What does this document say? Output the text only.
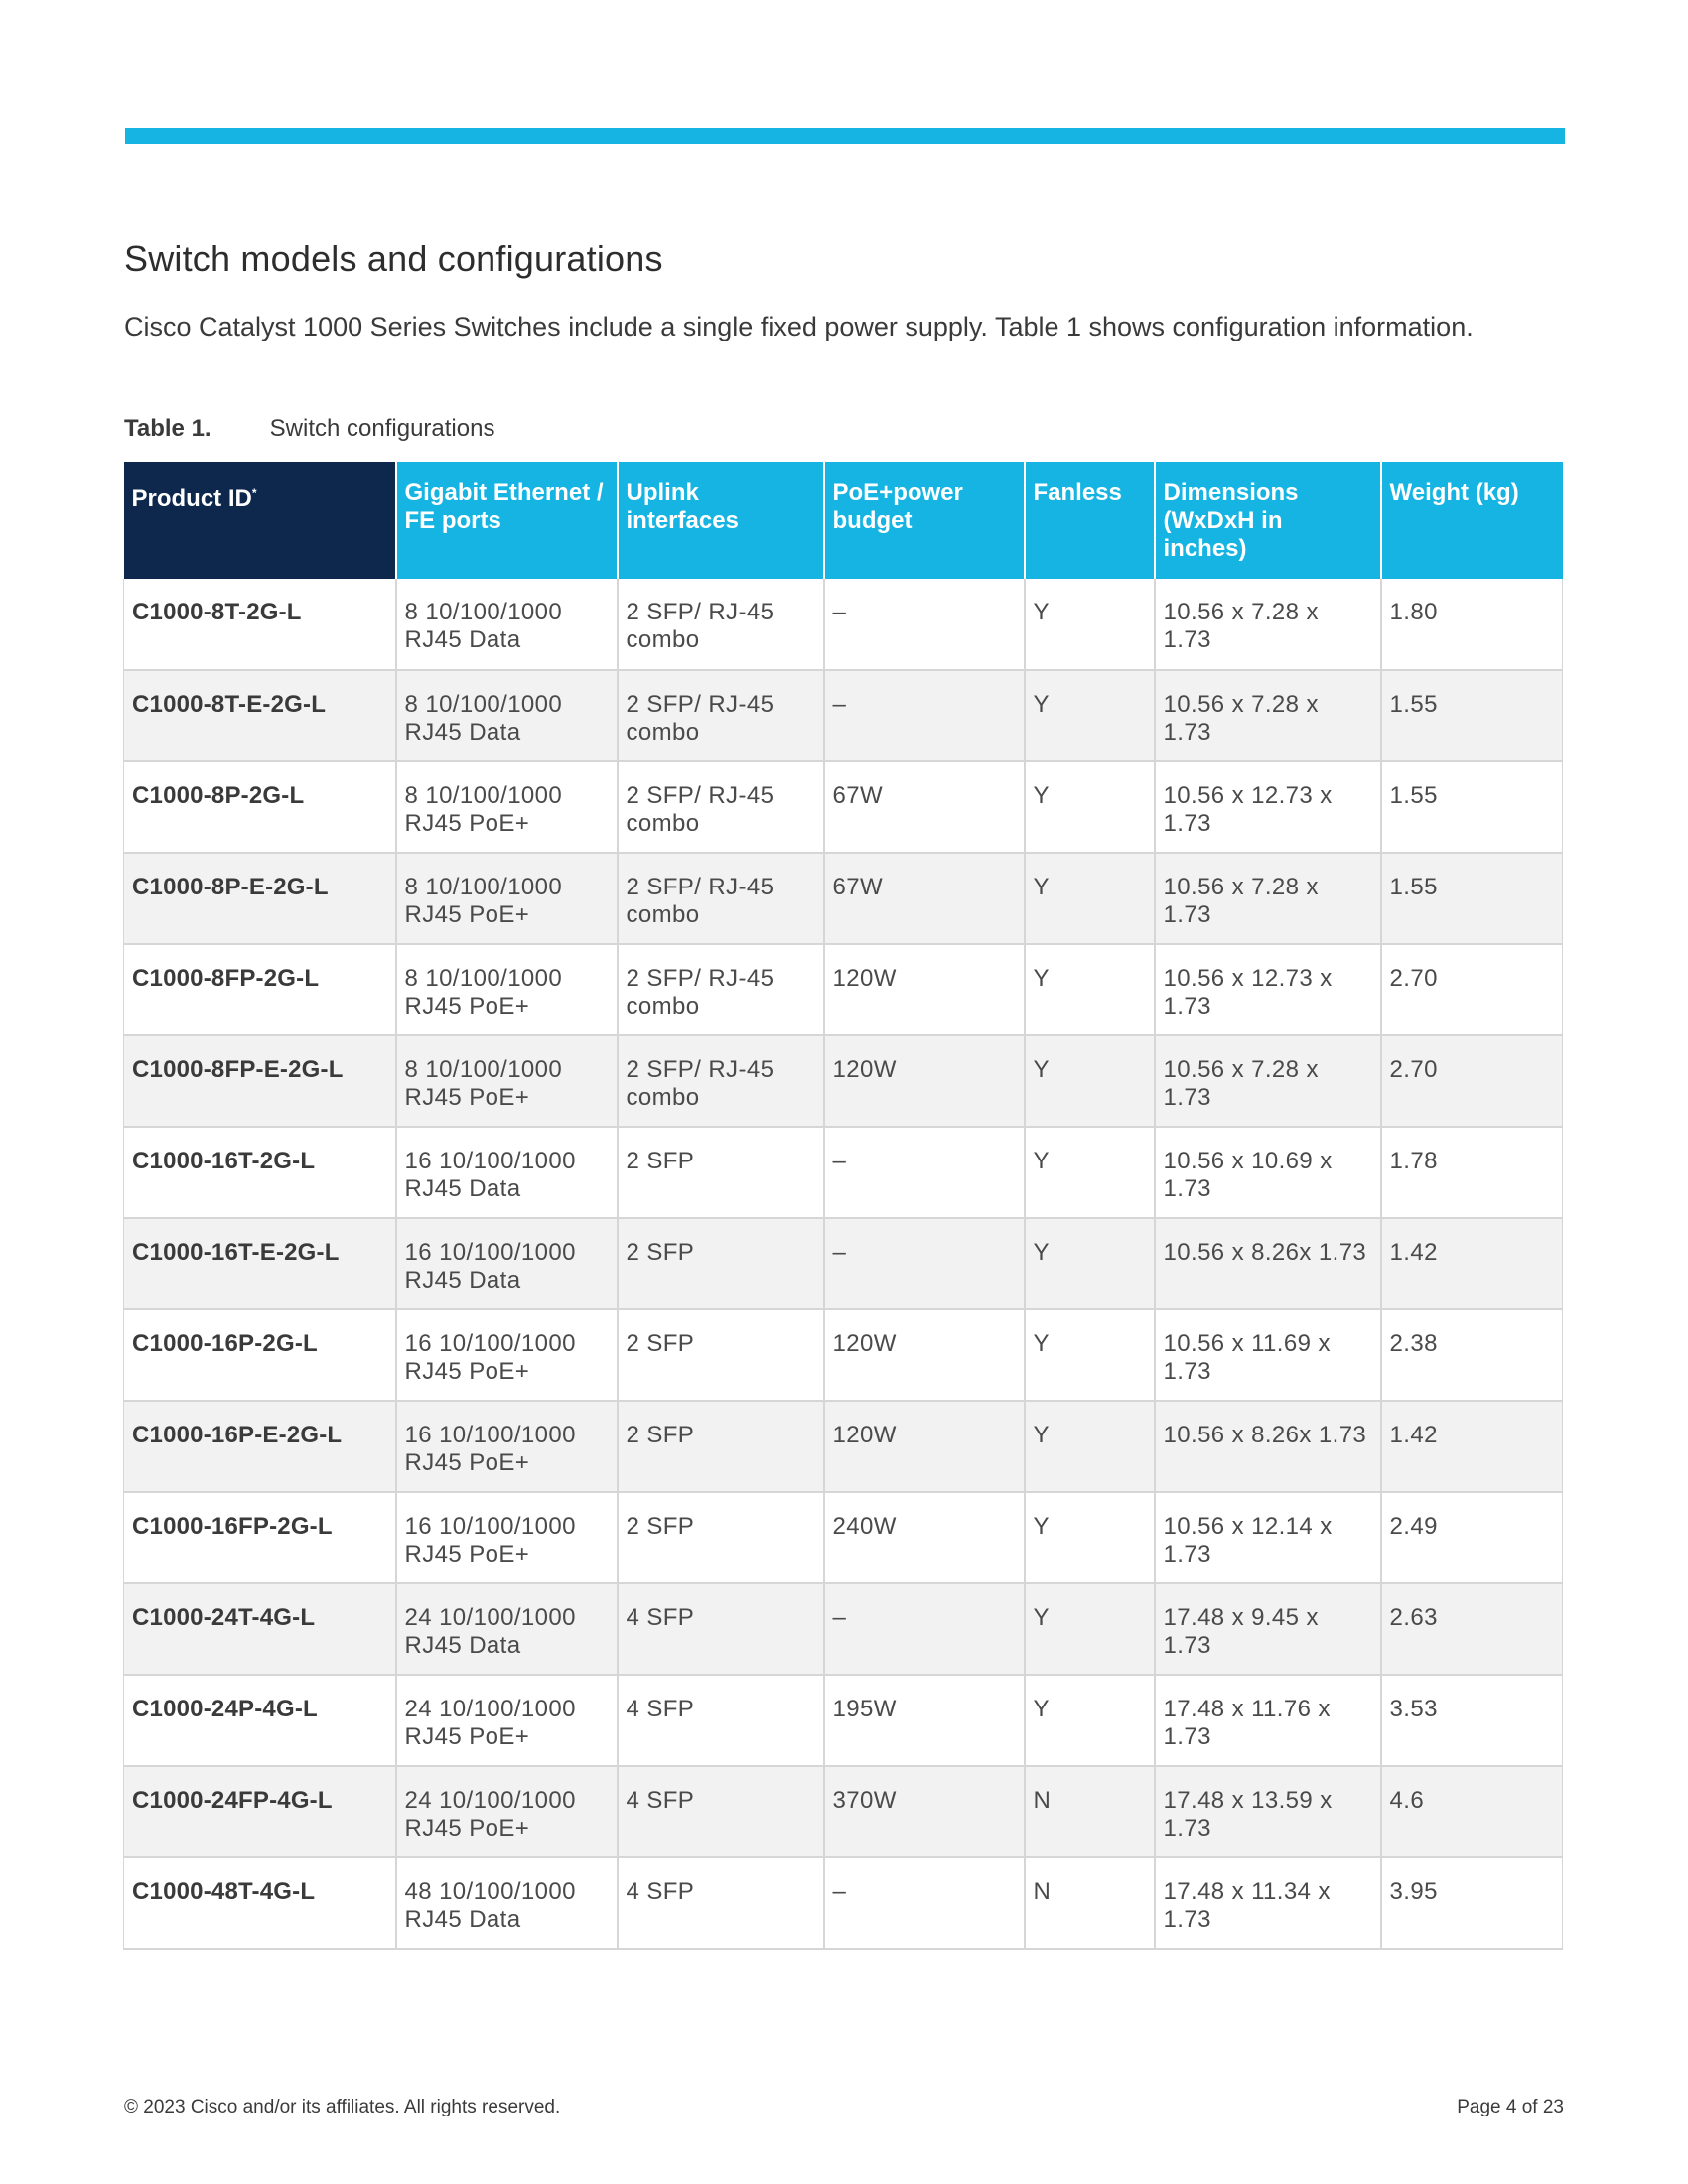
Switch models and configurations

Cisco Catalyst 1000 Series Switches include a single fixed power supply. Table 1 shows configuration information.

Table 1. Switch configurations
Product ID*	Gigabit Ethernet / FE ports	Uplink interfaces	PoE+power budget	Fanless	Dimensions (WxDxH in inches)	Weight (kg)
C1000-8T-2G-L	8 10/100/1000 RJ45 Data	2 SFP/ RJ-45 combo	–	Y	10.56 x 7.28 x 1.73	1.80
C1000-8T-E-2G-L	8 10/100/1000 RJ45 Data	2 SFP/ RJ-45 combo	–	Y	10.56 x 7.28 x 1.73	1.55
C1000-8P-2G-L	8 10/100/1000 RJ45 PoE+	2 SFP/ RJ-45 combo	67W	Y	10.56 x 12.73 x 1.73	1.55
C1000-8P-E-2G-L	8 10/100/1000 RJ45 PoE+	2 SFP/ RJ-45 combo	67W	Y	10.56 x 7.28 x 1.73	1.55
C1000-8FP-2G-L	8 10/100/1000 RJ45 PoE+	2 SFP/ RJ-45 combo	120W	Y	10.56 x 12.73 x 1.73	2.70
C1000-8FP-E-2G-L	8 10/100/1000 RJ45 PoE+	2 SFP/ RJ-45 combo	120W	Y	10.56 x 7.28 x 1.73	2.70
C1000-16T-2G-L	16 10/100/1000 RJ45 Data	2 SFP	–	Y	10.56 x 10.69 x 1.73	1.78
C1000-16T-E-2G-L	16 10/100/1000 RJ45 Data	2 SFP	–	Y	10.56 x 8.26x 1.73	1.42
C1000-16P-2G-L	16 10/100/1000 RJ45 PoE+	2 SFP	120W	Y	10.56 x 11.69 x 1.73	2.38
C1000-16P-E-2G-L	16 10/100/1000 RJ45 PoE+	2 SFP	120W	Y	10.56 x 8.26x 1.73	1.42
C1000-16FP-2G-L	16 10/100/1000 RJ45 PoE+	2 SFP	240W	Y	10.56 x 12.14 x 1.73	2.49
C1000-24T-4G-L	24 10/100/1000 RJ45 Data	4 SFP	–	Y	17.48 x 9.45 x 1.73	2.63
C1000-24P-4G-L	24 10/100/1000 RJ45 PoE+	4 SFP	195W	Y	17.48 x 11.76 x 1.73	3.53
C1000-24FP-4G-L	24 10/100/1000 RJ45 PoE+	4 SFP	370W	N	17.48 x 13.59 x 1.73	4.6
C1000-48T-4G-L	48 10/100/1000 RJ45 Data	4 SFP	–	N	17.48 x 11.34 x 1.73	3.95
© 2023 Cisco and/or its affiliates. All rights reserved.	Page 4 of 23
